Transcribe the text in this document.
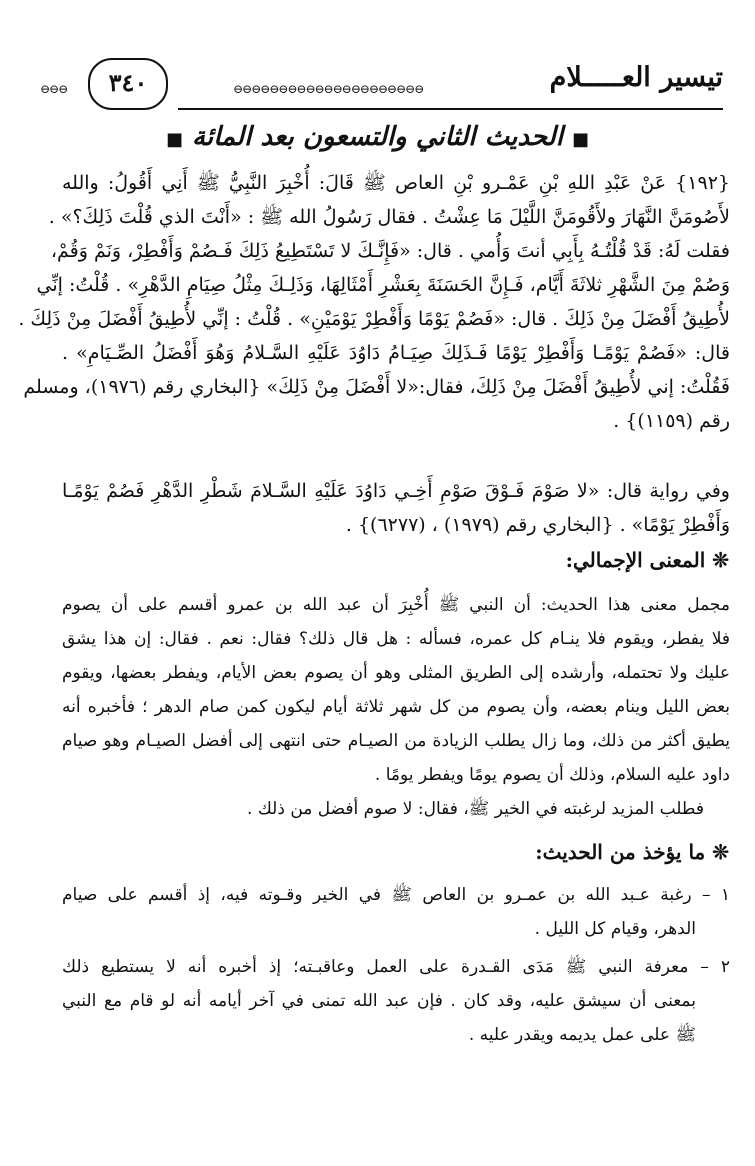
⊖⊖⊖	٣٤٠	⊖⊖⊖⊖⊖⊖⊖⊖⊖⊖⊖⊖⊖⊖⊖⊖⊖⊖⊖⊖⊖	تيسير العـــــلام
■ الحديث الثاني والتسعون بعد المائة ■
{١٩٢} عَنْ عَبْدِ اللهِ بْنِ عَمْـرو بْنِ العاص ﷺ قَالَ: أُخْبِرَ النَّبِيُّ ﷺ أَنِي أَقُولُ: والله
لأَصُومَنَّ النَّهَارَ ولأَقُومَنَّ اللَّيْلَ مَا عِشْتُ . فقال رَسُولُ الله ﷺ : «أَنْتَ الذي قُلْتَ ذَلِكَ؟» .
فقلت لَهُ: قَدْ قُلْتُـهُ بِأَبِي أنتَ وَأُمي . قال: «فَإِنَّـكَ لا تَسْتَطِيعُ ذَلِكَ فَـصُمْ وَأَفْطِرْ، وَنَمْ وَقُمْ،
وَصُمْ مِنَ الشَّهْرِ ثلاثَةَ أَيَّام، فَـإِنَّ الحَسَنَةَ بِعَشْرِ أَمْثَالِهَا، وَذَلِـكَ مِثْلُ صِيَامِ الدَّهْرِ» . قُلْتُ: إنِّي
لأُطِيقُ أَفْضَلَ مِنْ ذَلِكَ . قال: «فَصُمْ يَوْمًا وَأَفْطِرْ يَوْمَيْنِ» . قُلْتُ : إنِّي لأُطِيقُ أَفْضَلَ مِنْ ذَلِكَ .
قال: «فَصُمْ يَوْمًـا وَأَفْطِرْ يَوْمًا فَـذَلِكَ صِيَـامُ دَاوُدَ عَلَيْهِ السَّـلامُ وَهُوَ أَفْضَلُ الصِّـيَامِ» .
فَقُلْتُ: إني لأُطِيقُ أَفْضَلَ مِنْ ذَلِكَ، فقال:«لا أَفْضَلَ مِنْ ذَلِكَ» {البخاري رقم (١٩٧٦)، ومسلم
رقم (١١٥٩)} .
وفي رواية قال: «لا صَوْمَ فَـوْقَ صَوْمِ أَخِـي دَاوُدَ عَلَيْهِ السَّـلامَ شَطْرِ الدَّهْرِ فَصُمْ يَوْمًـا
وَأَفْطِرْ يَوْمًا» . {البخاري رقم (١٩٧٩) ، (٦٢٧٧)} .
❊ المعنى الإجمالي:
مجمل معنى هذا الحديث: أن النبي ﷺ أُخْبِرَ أن عبد الله بن عمرو أقسم على أن يصوم
فلا يفطر، ويقوم فلا ينـام كل عمره، فسأله : هل قال ذلك؟ فقال: نعم . فقال: إن هذا يشق
عليك ولا تحتمله، وأرشده إلى الطريق المثلى وهو أن يصوم بعض الأيام، ويفطر بعضها، ويقوم
بعض الليل وينام بعضه، وأن يصوم من كل شهر ثلاثة أيام ليكون كمن صام الدهر ؛ فأخبره أنه
يطيق أكثر من ذلك، وما زال يطلب الزيادة من الصيـام حتى انتهى إلى أفضل الصيـام وهو صيام
داود عليه السلام، وذلك أن يصوم يومًا ويفطر يومًا .
فطلب المزيد لرغبته في الخير ﷺ، فقال: لا صوم أفضل من ذلك .
❊ ما يؤخذ من الحديث:
١ – رغبة عـبد الله بن عمـرو بن العاص ﷺ في الخير وقـوته فيه، إذ أقسم على صيام
الدهر، وقيام كل الليل .
٢ – معرفة النبي ﷺ مَدَى القـدرة على العمل وعاقبـته؛ إذ أخبره أنه لا يستطيع ذلك
بمعنى أن سيشق عليه، وقد كان . فإن عبد الله تمنى في آخر أيامه أنه لو قام مع النبي
ﷺ على عمل يديمه ويقدر عليه .
